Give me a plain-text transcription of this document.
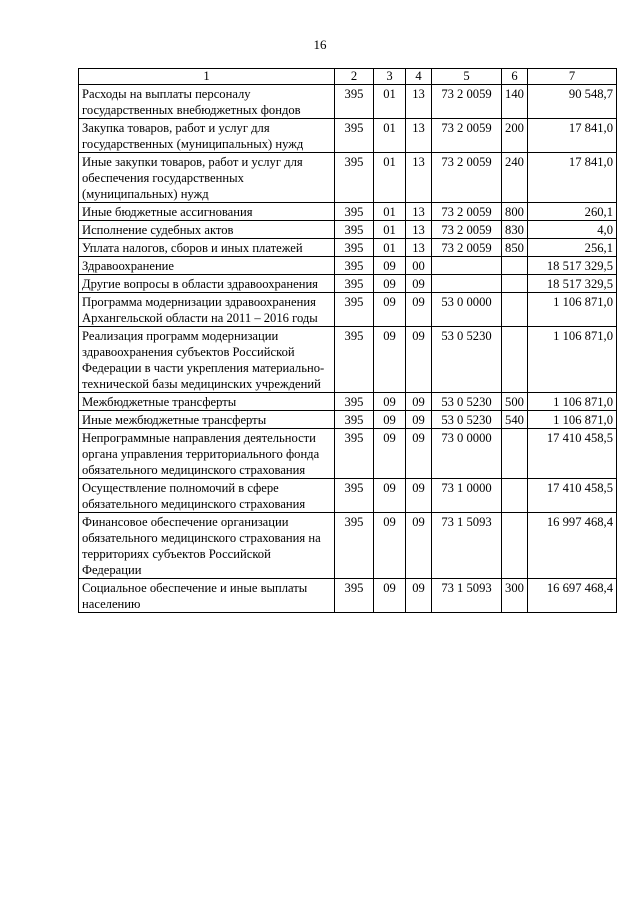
16
1	2	3	4	5	6	7
Расходы на выплаты персоналу государственных внебюджетных фондов	395	01	13	73 2 0059	140	90 548,7
Закупка товаров, работ и услуг для государственных (муниципальных) нужд	395	01	13	73 2 0059	200	17 841,0
Иные закупки товаров, работ и услуг для обеспечения государственных (муниципальных) нужд	395	01	13	73 2 0059	240	17 841,0
Иные бюджетные ассигнования	395	01	13	73 2 0059	800	260,1
Исполнение судебных актов	395	01	13	73 2 0059	830	4,0
Уплата налогов, сборов и иных платежей	395	01	13	73 2 0059	850	256,1
Здравоохранение	395	09	00			18 517 329,5
Другие вопросы в области здравоохранения	395	09	09			18 517 329,5
Программа модернизации здравоохранения Архангельской области на 2011 – 2016 годы	395	09	09	53 0 0000		1 106 871,0
Реализация программ модернизации здравоохранения субъектов Российской Федерации в части укрепления материально-технической базы медицинских учреждений	395	09	09	53 0 5230		1 106 871,0
Межбюджетные трансферты	395	09	09	53 0 5230	500	1 106 871,0
Иные межбюджетные трансферты	395	09	09	53 0 5230	540	1 106 871,0
Непрограммные направления деятельности органа управления территориального фонда обязательного медицинского страхования	395	09	09	73 0 0000		17 410 458,5
Осуществление полномочий в сфере обязательного медицинского страхования	395	09	09	73 1 0000		17 410 458,5
Финансовое обеспечение организации обязательного медицинского страхования на территориях субъектов Российской Федерации	395	09	09	73 1 5093		16 997 468,4
Социальное обеспечение и иные выплаты населению	395	09	09	73 1 5093	300	16 697 468,4
